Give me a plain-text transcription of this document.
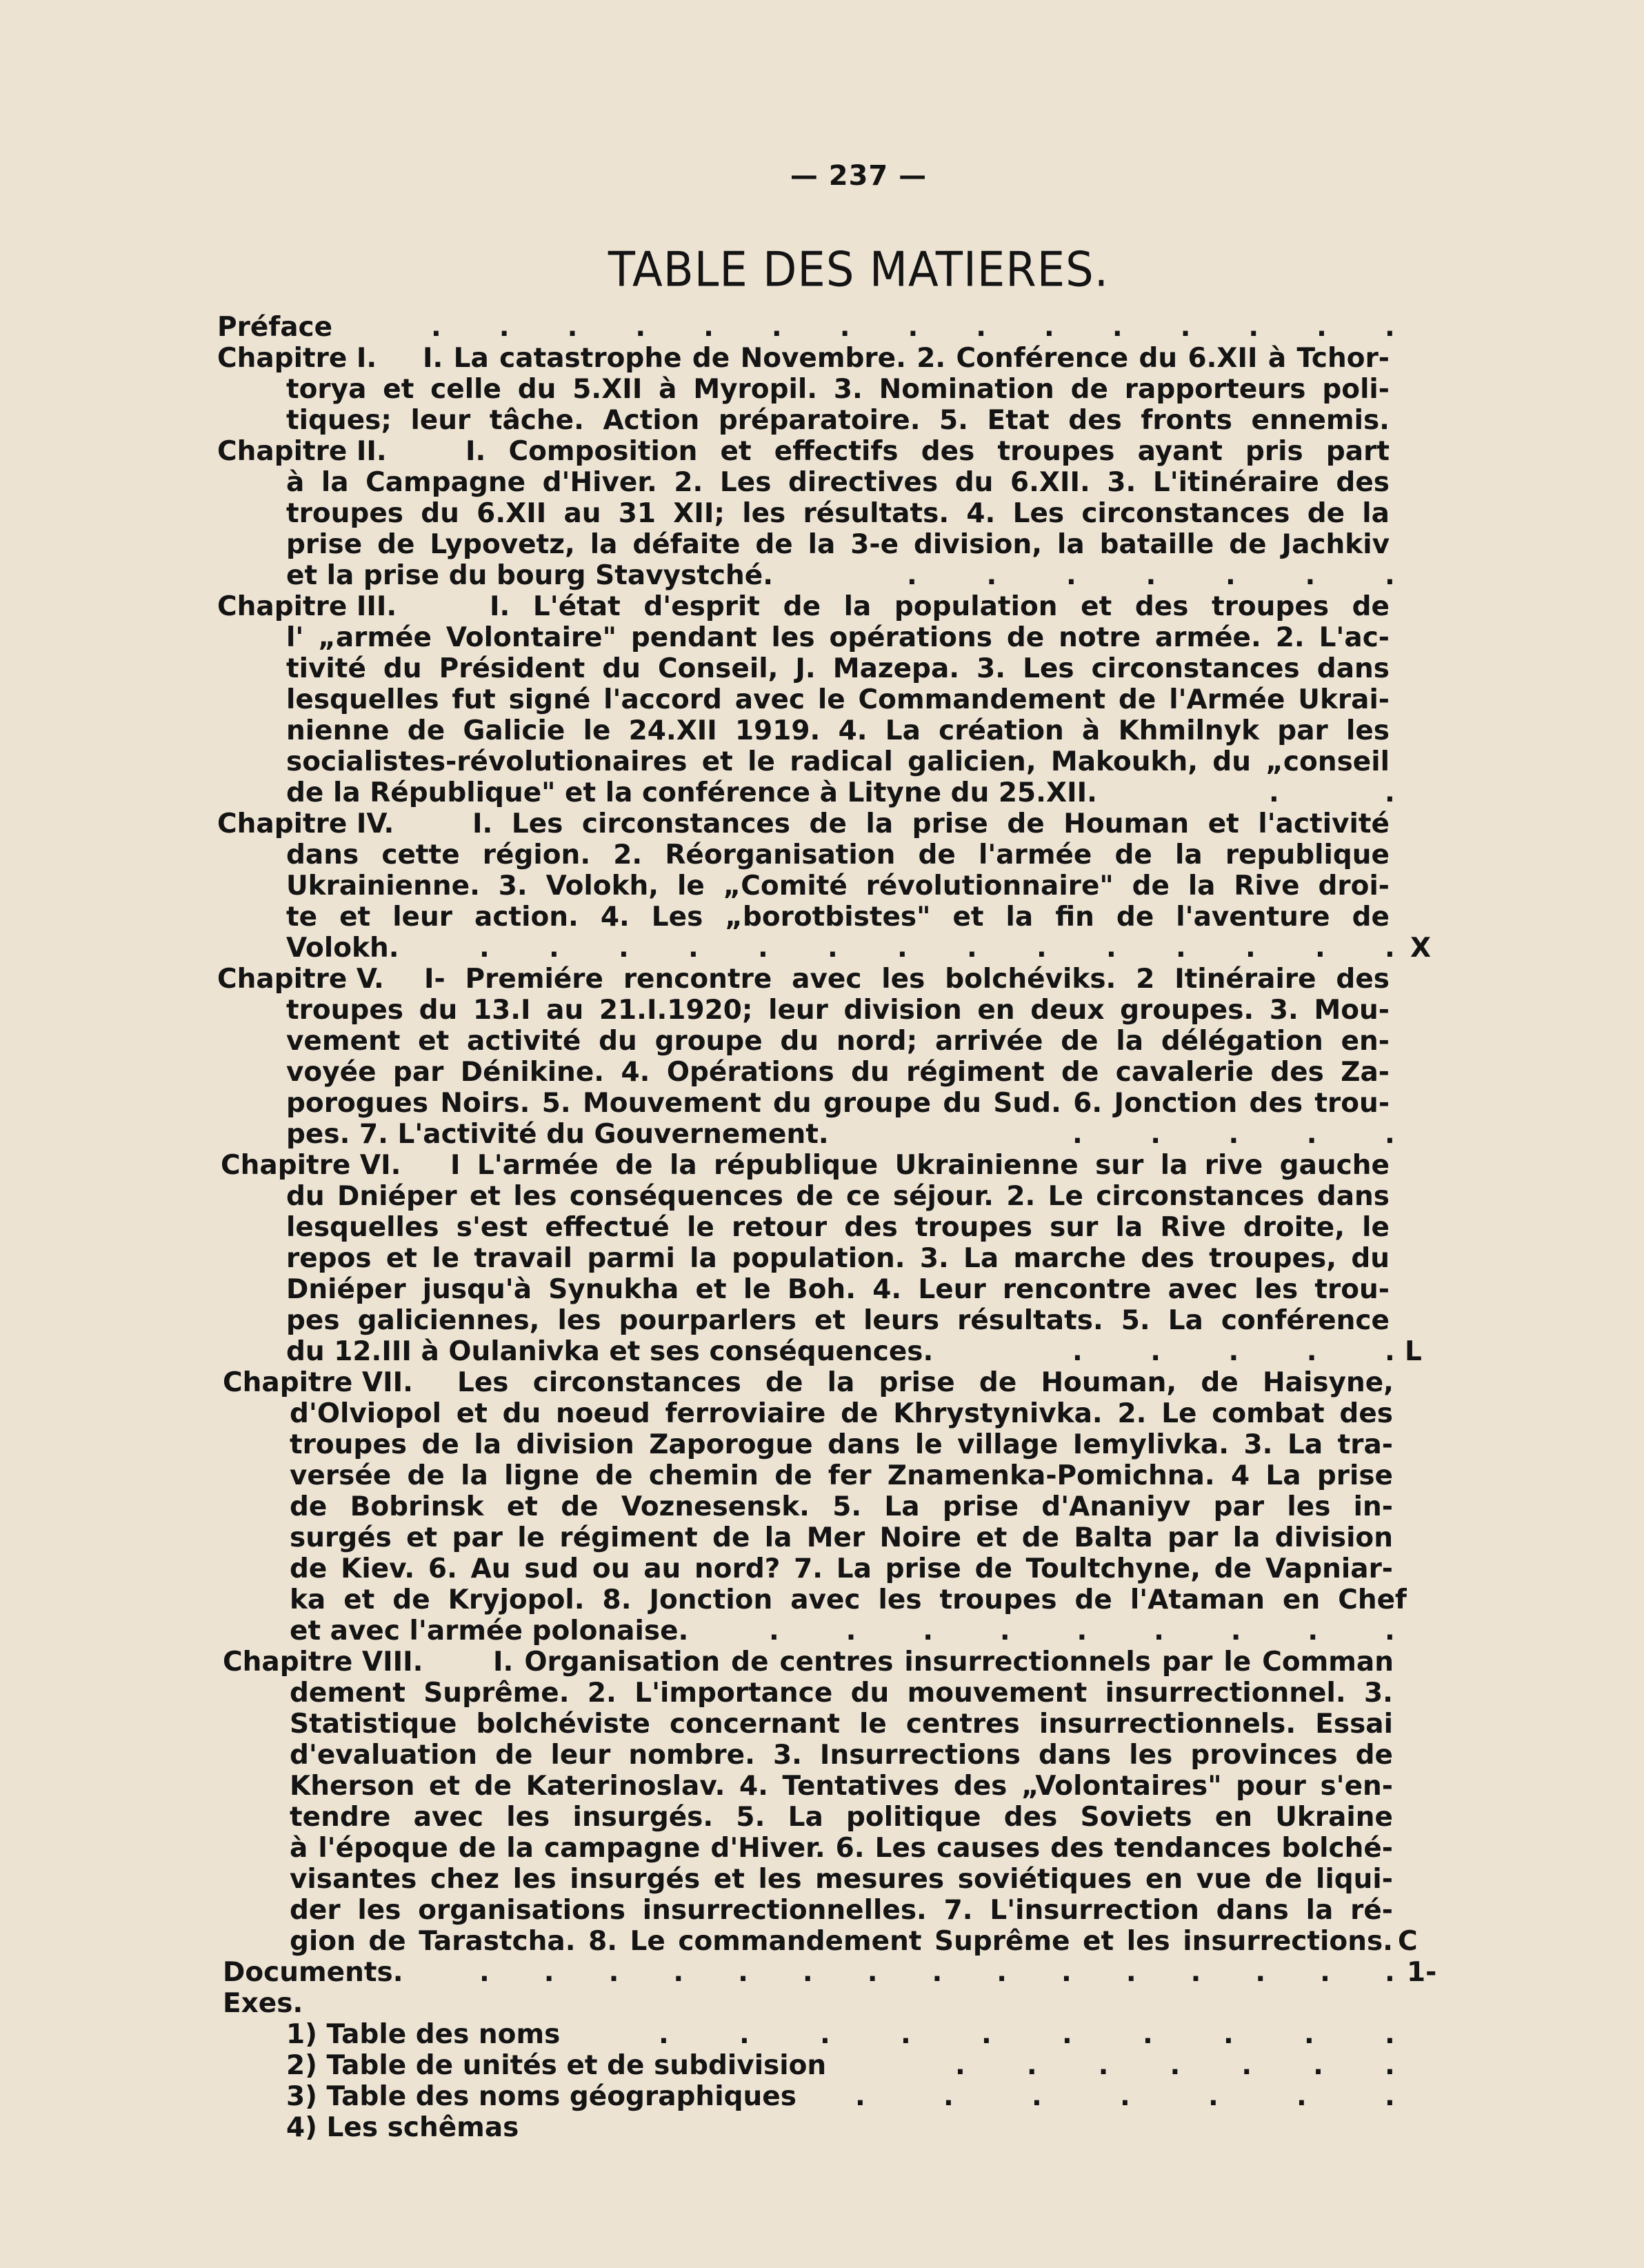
— 237 —
TABLE DES MATIERES.
Préface	. . . . . . . . . . . . . . .
Chapitre I. I. La catastrophe de Novembre. 2. Conférence du 6.XII à Tchor-
torya et celle du 5.XII à Myropil. 3. Nomination de rapporteurs poli-
tiques; leur tâche. Action préparatoire. 5. Etat des fronts ennemis.
Chapitre II.	I. Composition et effectifs des troupes ayant pris part
à la Campagne d'Hiver. 2. Les directives du 6.XII. 3. L'itinéraire des
troupes du 6.XII au 31 XII; les résultats. 4. Les circonstances de la
prise de Lypovetz, la défaite de la 3-e division, la bataille de Jachkiv
et la prise du bourg Stavystché.	.	.	.	.	.	.	.
Chapitre III.	I. L'état d'esprit de la population et des troupes de
l' „armée Volontaire" pendant les opérations de notre armée. 2. L'ac-
tivité du Président du Conseil, J. Mazepa. 3. Les circonstances dans
lesquelles fut signé l'accord avec le Commandement de l'Armée Ukrai-
nienne de Galicie le 24.XII 1919. 4. La création à Khmilnyk par les
socialistes-révolutionaires et le radical galicien, Makoukh, du „conseil
de la République" et la conférence à Lityne du 25.XII.	.	.
Chapitre IV.	I. Les circonstances de la prise de Houman et l'activité
dans cette région. 2. Réorganisation de l'armée de la republique
Ukrainienne. 3. Volokh, le „Comité révolutionnaire" de la Rive droi-
te et leur action. 4. Les „borotbistes" et la fin de l'aventure de
Volokh.	. . . . . . . . . . . . . . X
Chapitre V. I- Premiére rencontre avec les bolchéviks. 2 Itinéraire des
troupes du 13.I au 21.I.1920; leur division en deux groupes. 3. Mou-
vement et activité du groupe du nord; arrivée de la délégation en-
voyée par Dénikine. 4. Opérations du régiment de cavalerie des Za-
porogues Noirs. 5. Mouvement du groupe du Sud. 6. Jonction des trou-
pes. 7. L'activité du Gouvernement.	.	.	.	.	.
Chapitre VI. I L'armée de la république Ukrainienne sur la rive gauche
du Dniéper et les conséquences de ce séjour. 2. Le circonstances dans
lesquelles s'est effectué le retour des troupes sur la Rive droite, le
repos et le travail parmi la population. 3. La marche des troupes, du
Dniéper jusqu'à Synukha et le Boh. 4. Leur rencontre avec les trou-
pes galiciennes, les pourparlers et leurs résultats. 5. La conférence
du 12.III à Oulanivka et ses conséquences.	.	.	.	.	. L
Chapitre VII. Les circonstances de la prise de Houman, de Haisyne,
d'Olviopol et du noeud ferroviaire de Khrystynivka. 2. Le combat des
troupes de la division Zaporogue dans le village Iemylivka. 3. La tra-
versée de la ligne de chemin de fer Znamenka-Pomichna. 4 La prise
de Bobrinsk et de Voznesensk. 5. La prise d'Ananiyv par les in-
surgés et par le régiment de la Mer Noire et de Balta par la division
de Kiev. 6. Au sud ou au nord? 7. La prise de Toultchyne, de Vapniar-
ka et de Kryjopol. 8. Jonction avec les troupes de l'Ataman en Chef
et avec l'armée polonaise.	. . . . . . . . .
Chapitre VIII.	I. Organisation de centres insurrectionnels par le Comman
dement Suprême. 2. L'importance du mouvement insurrectionnel. 3.
Statistique bolchéviste concernant le centres insurrectionnels. Essai
d'evaluation de leur nombre. 3. Insurrections dans les provinces de
Kherson et de Katerinoslav. 4. Tentatives des „Volontaires" pour s'en-
tendre avec les insurgés. 5. La politique des Soviets en Ukraine
à l'époque de la campagne d'Hiver. 6. Les causes des tendances bolché-
visantes chez les insurgés et les mesures soviétiques en vue de liqui-
der les organisations insurrectionnelles. 7. L'insurrection dans la ré-
gion de Tarastcha. 8. Le commandement Suprême et les insurrections. C
Documents.	. . . . . . . . . . . . . . . 1-
Exes.
1) Table des noms	.	.	.	.	.	.	.	.	.	.
2) Table de unités et de subdivision	. . . . . . .
3) Table des noms géographiques .	.	.	.	.	.	.
4) Les schêmas
